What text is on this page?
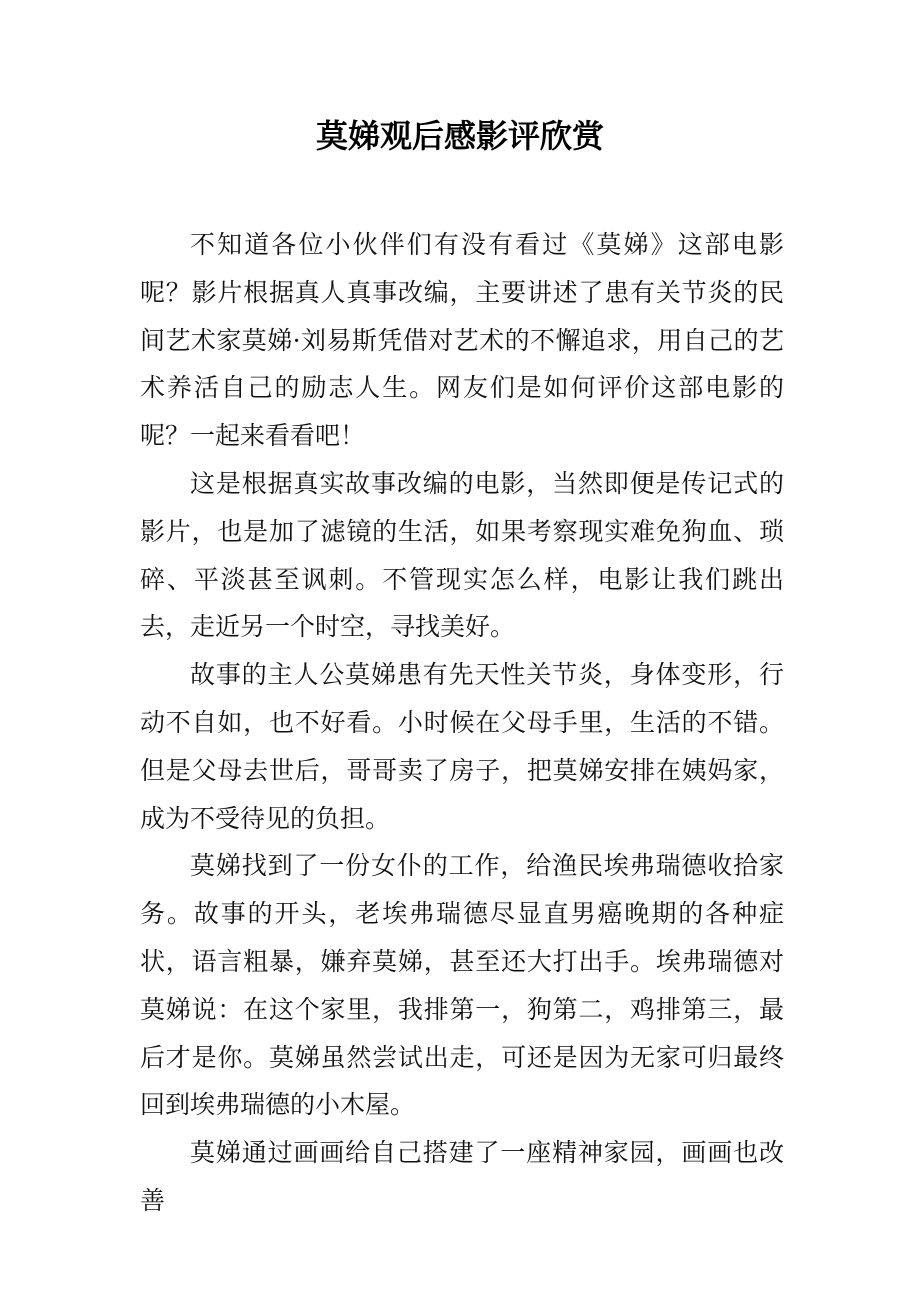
莫娣观后感影评欣赏

不知道各位小伙伴们有没有看过《莫娣》这部电影呢？影片根据真人真事改编，主要讲述了患有关节炎的民间艺术家莫娣·刘易斯凭借对艺术的不懈追求，用自己的艺术养活自己的励志人生。网友们是如何评价这部电影的呢？一起来看看吧！

这是根据真实故事改编的电影，当然即便是传记式的影片，也是加了滤镜的生活，如果考察现实难免狗血、琐碎、平淡甚至讽刺。不管现实怎么样，电影让我们跳出去，走近另一个时空，寻找美好。

故事的主人公莫娣患有先天性关节炎，身体变形，行动不自如，也不好看。小时候在父母手里，生活的不错。但是父母去世后，哥哥卖了房子，把莫娣安排在姨妈家，成为不受待见的负担。

莫娣找到了一份女仆的工作，给渔民埃弗瑞德收拾家务。故事的开头，老埃弗瑞德尽显直男癌晚期的各种症状，语言粗暴，嫌弃莫娣，甚至还大打出手。埃弗瑞德对莫娣说：在这个家里，我排第一，狗第二，鸡排第三，最后才是你。莫娣虽然尝试出走，可还是因为无家可归最终回到埃弗瑞德的小木屋。

莫娣通过画画给自己搭建了一座精神家园，画画也改善
